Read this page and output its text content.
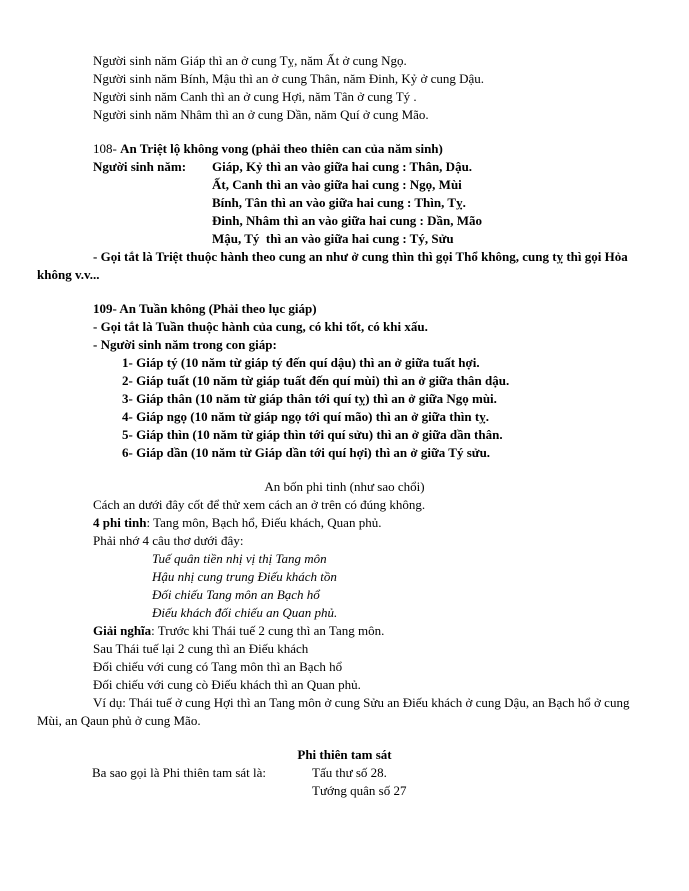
Người sinh năm Giáp thì an ở cung Tỵ, năm Ất ở cung Ngọ.

Người sinh năm Bính, Mậu thì an ở cung Thân, năm Đinh, Kỷ ở cung Dậu.

Người sinh năm Canh thì an ở cung Hợi, năm Tân ở cung Tý .

Người sinh năm Nhâm thì an ở cung Dần, năm Quí ở cung Mão.

108- An Triệt lộ không vong (phải theo thiên can của năm sinh)

Người sinh năm: Giáp, Kỷ thì an vào giữa hai cung : Thân, Dậu.

Ất, Canh thì an vào giữa hai cung : Ngọ, Mùi

Bính, Tân thì an vào giữa hai cung : Thìn, Tỵ.

Đinh, Nhâm thì an vào giữa hai cung : Dần, Mão

Mậu, Tý  thì an vào giữa hai cung : Tý, Sửu

- Gọi tắt là Triệt thuộc hành theo cung an như ở cung thìn thì gọi Thổ không, cung tỵ thì gọi Hỏa không v.v...

109- An Tuần không (Phải theo lục giáp)

- Gọi tắt là Tuần thuộc hành của cung, có khi tốt, có khi xấu.

- Người sinh năm trong con giáp:

1- Giáp tý (10 năm từ giáp tý đến quí dậu) thì an ở giữa tuất hợi.

2- Giáp tuất (10 năm từ giáp tuất đến quí mùi) thì an ở giữa thân dậu.

3- Giáp thân (10 năm từ giáp thân tới quí tỵ) thì an ở giữa Ngọ mùi.

4- Giáp ngọ (10 năm từ giáp ngọ tới quí mão) thì an ở giữa thìn tỵ.

5- Giáp thìn (10 năm từ giáp thìn tới quí sửu) thì an ở giữa dần thân.

6- Giáp dần (10 năm từ Giáp dần tới quí hợi) thì an ở giữa Tý sửu.

An bốn phi tinh (như sao chổi)

Cách an dưới đây cốt để thử xem cách an ở trên có đúng không.

4 phi tinh: Tang môn, Bạch hổ, Điếu khách, Quan phủ.

Phải nhớ 4 câu thơ dưới đây:

Tuế quân tiền nhị vị thị Tang môn

Hậu nhị cung trung Điếu khách tồn

Đối chiếu Tang môn an Bạch hổ

Điếu khách đối chiếu an Quan phủ.

Giải nghĩa: Trước khi Thái tuế 2 cung thì an Tang môn.

Sau Thái tuế lại 2 cung thì an Điếu khách

Đối chiếu với cung có Tang môn thì an Bạch hổ

Đối chiếu với cung cò Điếu khách thì an Quan phủ.

Ví dụ: Thái tuế ở cung Hợi thì an Tang môn ở cung Sửu an Điếu khách ở cung Dậu, an Bạch hổ ở cung Mùi, an Qaun phủ ở cung Mão.

Phi thiên tam sát

Ba sao gọi là Phi thiên tam sát là:	Tấu thư số 28.

Tướng quân số 27
